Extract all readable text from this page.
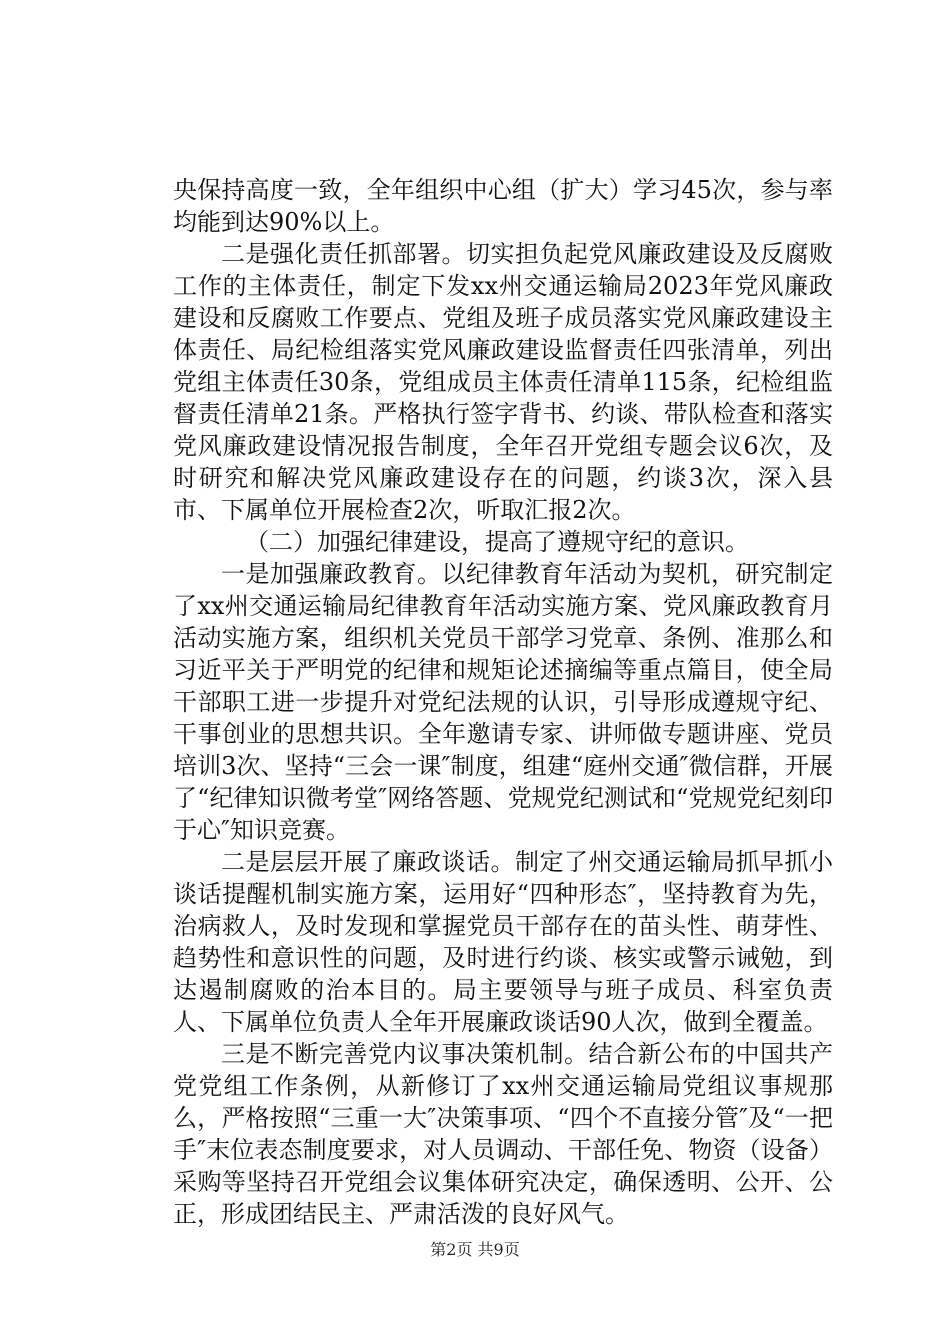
央保持高度一致，全年组织中心组（扩大）学习45次，参与率均能到达90%以上。

二是强化责任抓部署。切实担负起党风廉政建设及反腐败工作的主体责任，制定下发xx州交通运输局2023年党风廉政建设和反腐败工作要点、党组及班子成员落实党风廉政建设主体责任、局纪检组落实党风廉政建设监督责任四张清单，列出党组主体责任30条，党组成员主体责任清单115条，纪检组监督责任清单21条。严格执行签字背书、约谈、带队检查和落实党风廉政建设情况报告制度，全年召开党组专题会议6次，及时研究和解决党风廉政建设存在的问题，约谈3次，深入县市、下属单位开展检查2次，听取汇报2次。

（二）加强纪律建设，提高了遵规守纪的意识。

一是加强廉政教育。以纪律教育年活动为契机，研究制定了xx州交通运输局纪律教育年活动实施方案、党风廉政教育月活动实施方案，组织机关党员干部学习党章、条例、准那么和习近平关于严明党的纪律和规矩论述摘编等重点篇目，使全局干部职工进一步提升对党纪法规的认识，引导形成遵规守纪、干事创业的思想共识。全年邀请专家、讲师做专题讲座、党员培训3次、坚持“三会一课″制度，组建“庭州交通″微信群，开展了“纪律知识微考堂″网络答题、党规党纪测试和“党规党纪刻印于心″知识竞赛。

二是层层开展了廉政谈话。制定了州交通运输局抓早抓小谈话提醒机制实施方案，运用好“四种形态″，坚持教育为先，治病救人，及时发现和掌握党员干部存在的苗头性、萌芽性、趋势性和意识性的问题，及时进行约谈、核实或警示诫勉，到达遏制腐败的治本目的。局主要领导与班子成员、科室负责人、下属单位负责人全年开展廉政谈话90人次，做到全覆盖。

三是不断完善党内议事决策机制。结合新公布的中国共产党党组工作条例，从新修订了xx州交通运输局党组议事规那么，严格按照“三重一大″决策事项、“四个不直接分管″及“一把手″末位表态制度要求，对人员调动、干部任免、物资（设备）采购等坚持召开党组会议集体研究决定，确保透明、公开、公正，形成团结民主、严肃活泼的良好风气。

第2页 共9页
